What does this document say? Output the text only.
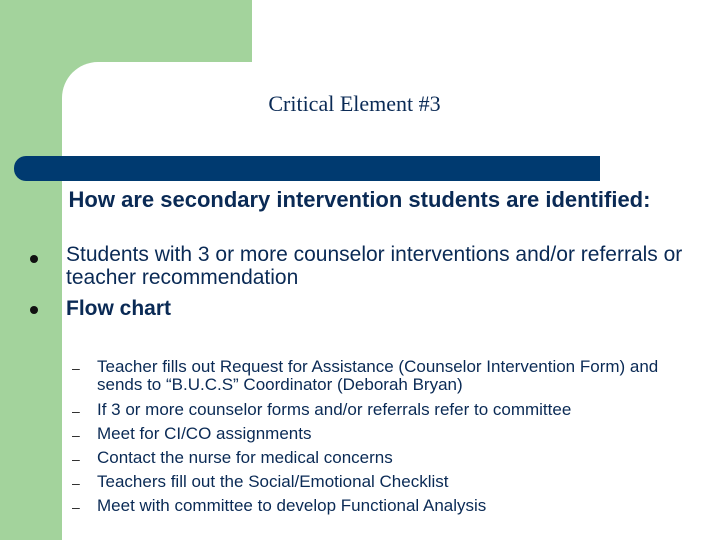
Critical Element #3
How are secondary intervention students are identified:
Students with 3 or more counselor interventions and/or referrals or teacher recommendation
Flow chart
– Teacher fills out Request for Assistance (Counselor Intervention Form) and sends to “B.U.C.S” Coordinator (Deborah Bryan)
– If 3 or more counselor forms and/or referrals refer to committee
– Meet for CI/CO assignments
– Contact the nurse for medical concerns
– Teachers fill out the Social/Emotional Checklist
– Meet with committee to develop Functional Analysis
